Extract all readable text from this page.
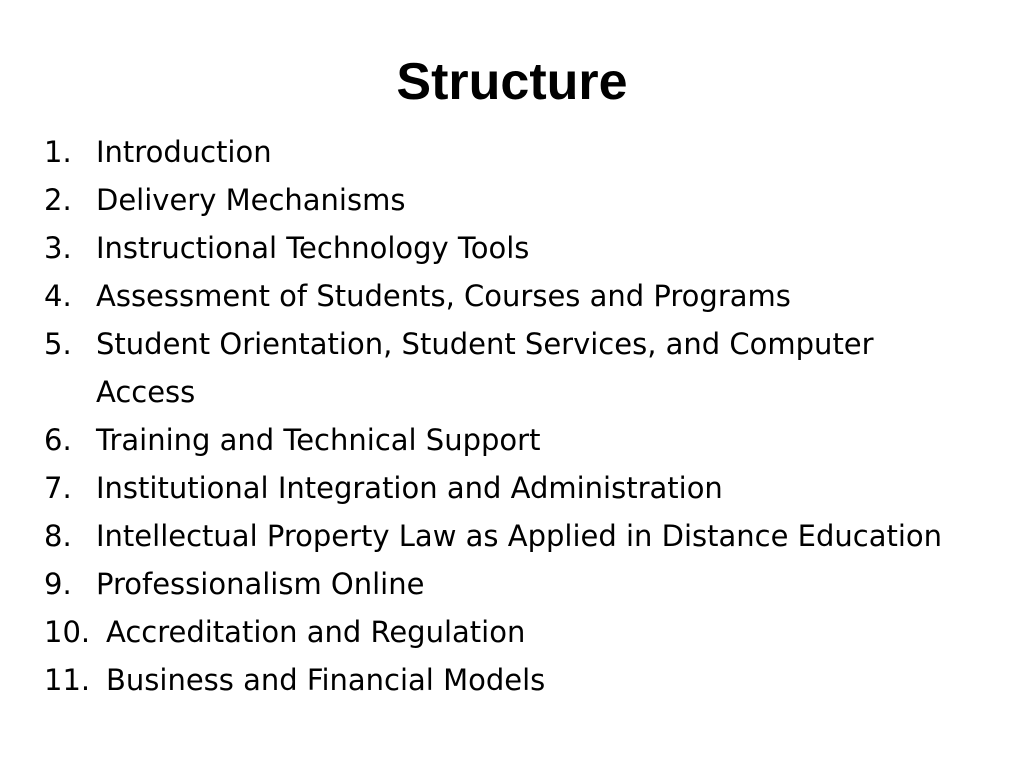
Structure
1. Introduction
2. Delivery Mechanisms
3. Instructional Technology Tools
4. Assessment of Students, Courses and Programs
5. Student Orientation, Student Services, and Computer Access
6. Training and Technical Support
7. Institutional Integration and Administration
8. Intellectual Property Law as Applied in Distance Education
9. Professionalism Online
10. Accreditation and Regulation
11. Business and Financial Models
